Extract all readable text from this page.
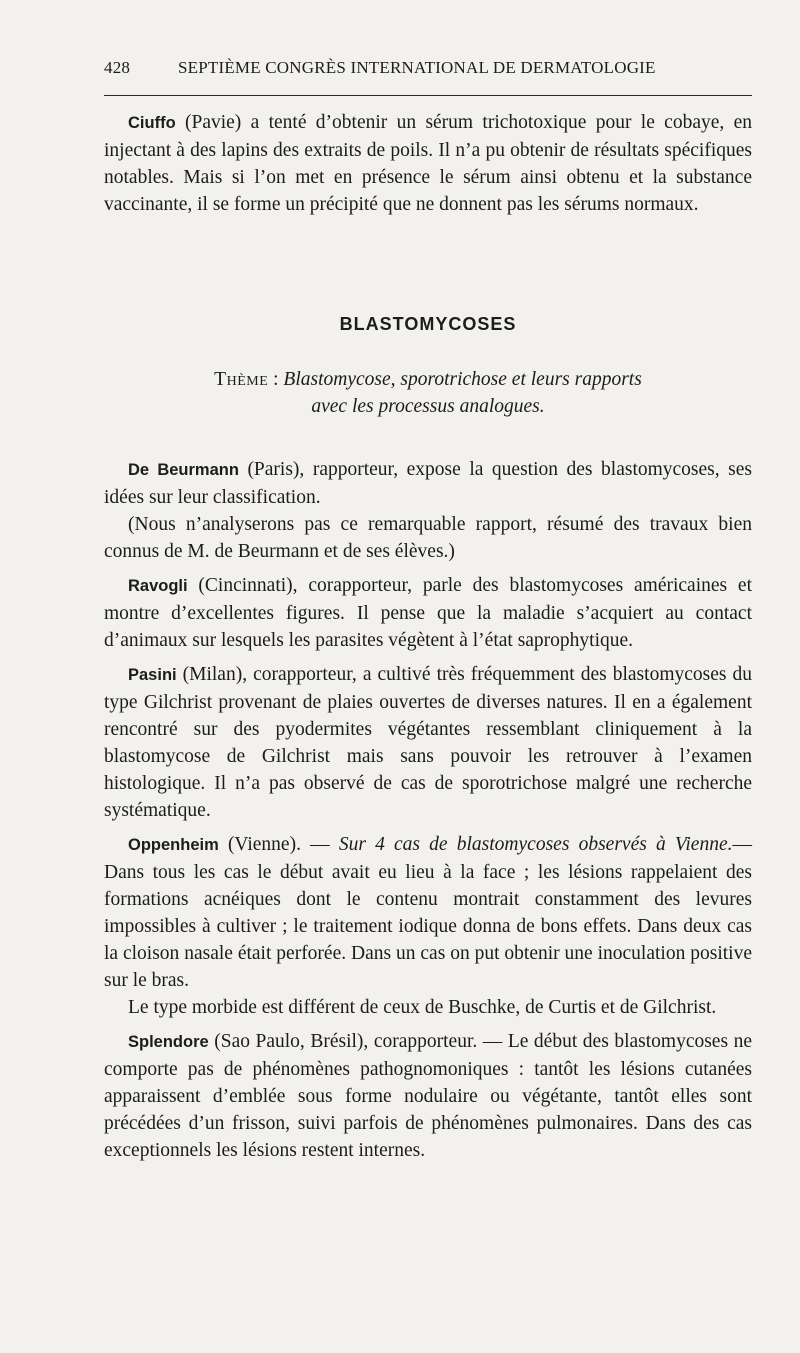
428	SEPTIÈME CONGRÈS INTERNATIONAL DE DERMATOLOGIE

Ciuffo (Pavie) a tenté d’obtenir un sérum trichotoxique pour le cobaye, en injectant à des lapins des extraits de poils. Il n’a pu obtenir de résultats spécifiques notables. Mais si l’on met en présence le sérum ainsi obtenu et la substance vaccinante, il se forme un précipité que ne donnent pas les sérums normaux.

BLASTOMYCOSES
Thème : Blastomycose, sporotrichose et leurs rapports
avec les processus analogues.

De Beurmann (Paris), rapporteur, expose la question des blastomycoses, ses idées sur leur classification.

(Nous n’analyserons pas ce remarquable rapport, résumé des travaux bien connus de M. de Beurmann et de ses élèves.)

Ravogli (Cincinnati), corapporteur, parle des blastomycoses américaines et montre d’excellentes figures. Il pense que la maladie s’acquiert au contact d’animaux sur lesquels les parasites végètent à l’état saprophytique.

Pasini (Milan), corapporteur, a cultivé très fréquemment des blastomycoses du type Gilchrist provenant de plaies ouvertes de diverses natures. Il en a également rencontré sur des pyodermites végétantes ressemblant cliniquement à la blastomycose de Gilchrist mais sans pouvoir les retrouver à l’examen histologique. Il n’a pas observé de cas de sporotrichose malgré une recherche systématique.

Oppenheim (Vienne). — Sur 4 cas de blastomycoses observés à Vienne.— Dans tous les cas le début avait eu lieu à la face ; les lésions rappelaient des formations acnéiques dont le contenu montrait constamment des levures impossibles à cultiver ; le traitement iodique donna de bons effets. Dans deux cas la cloison nasale était perforée. Dans un cas on put obtenir une inoculation positive sur le bras.

Le type morbide est différent de ceux de Buschke, de Curtis et de Gilchrist.

Splendore (Sao Paulo, Brésil), corapporteur. — Le début des blastomycoses ne comporte pas de phénomènes pathognomoniques : tantôt les lésions cutanées apparaissent d’emblée sous forme nodulaire ou végétante, tantôt elles sont précédées d’un frisson, suivi parfois de phénomènes pulmonaires. Dans des cas exceptionnels les lésions restent internes.
